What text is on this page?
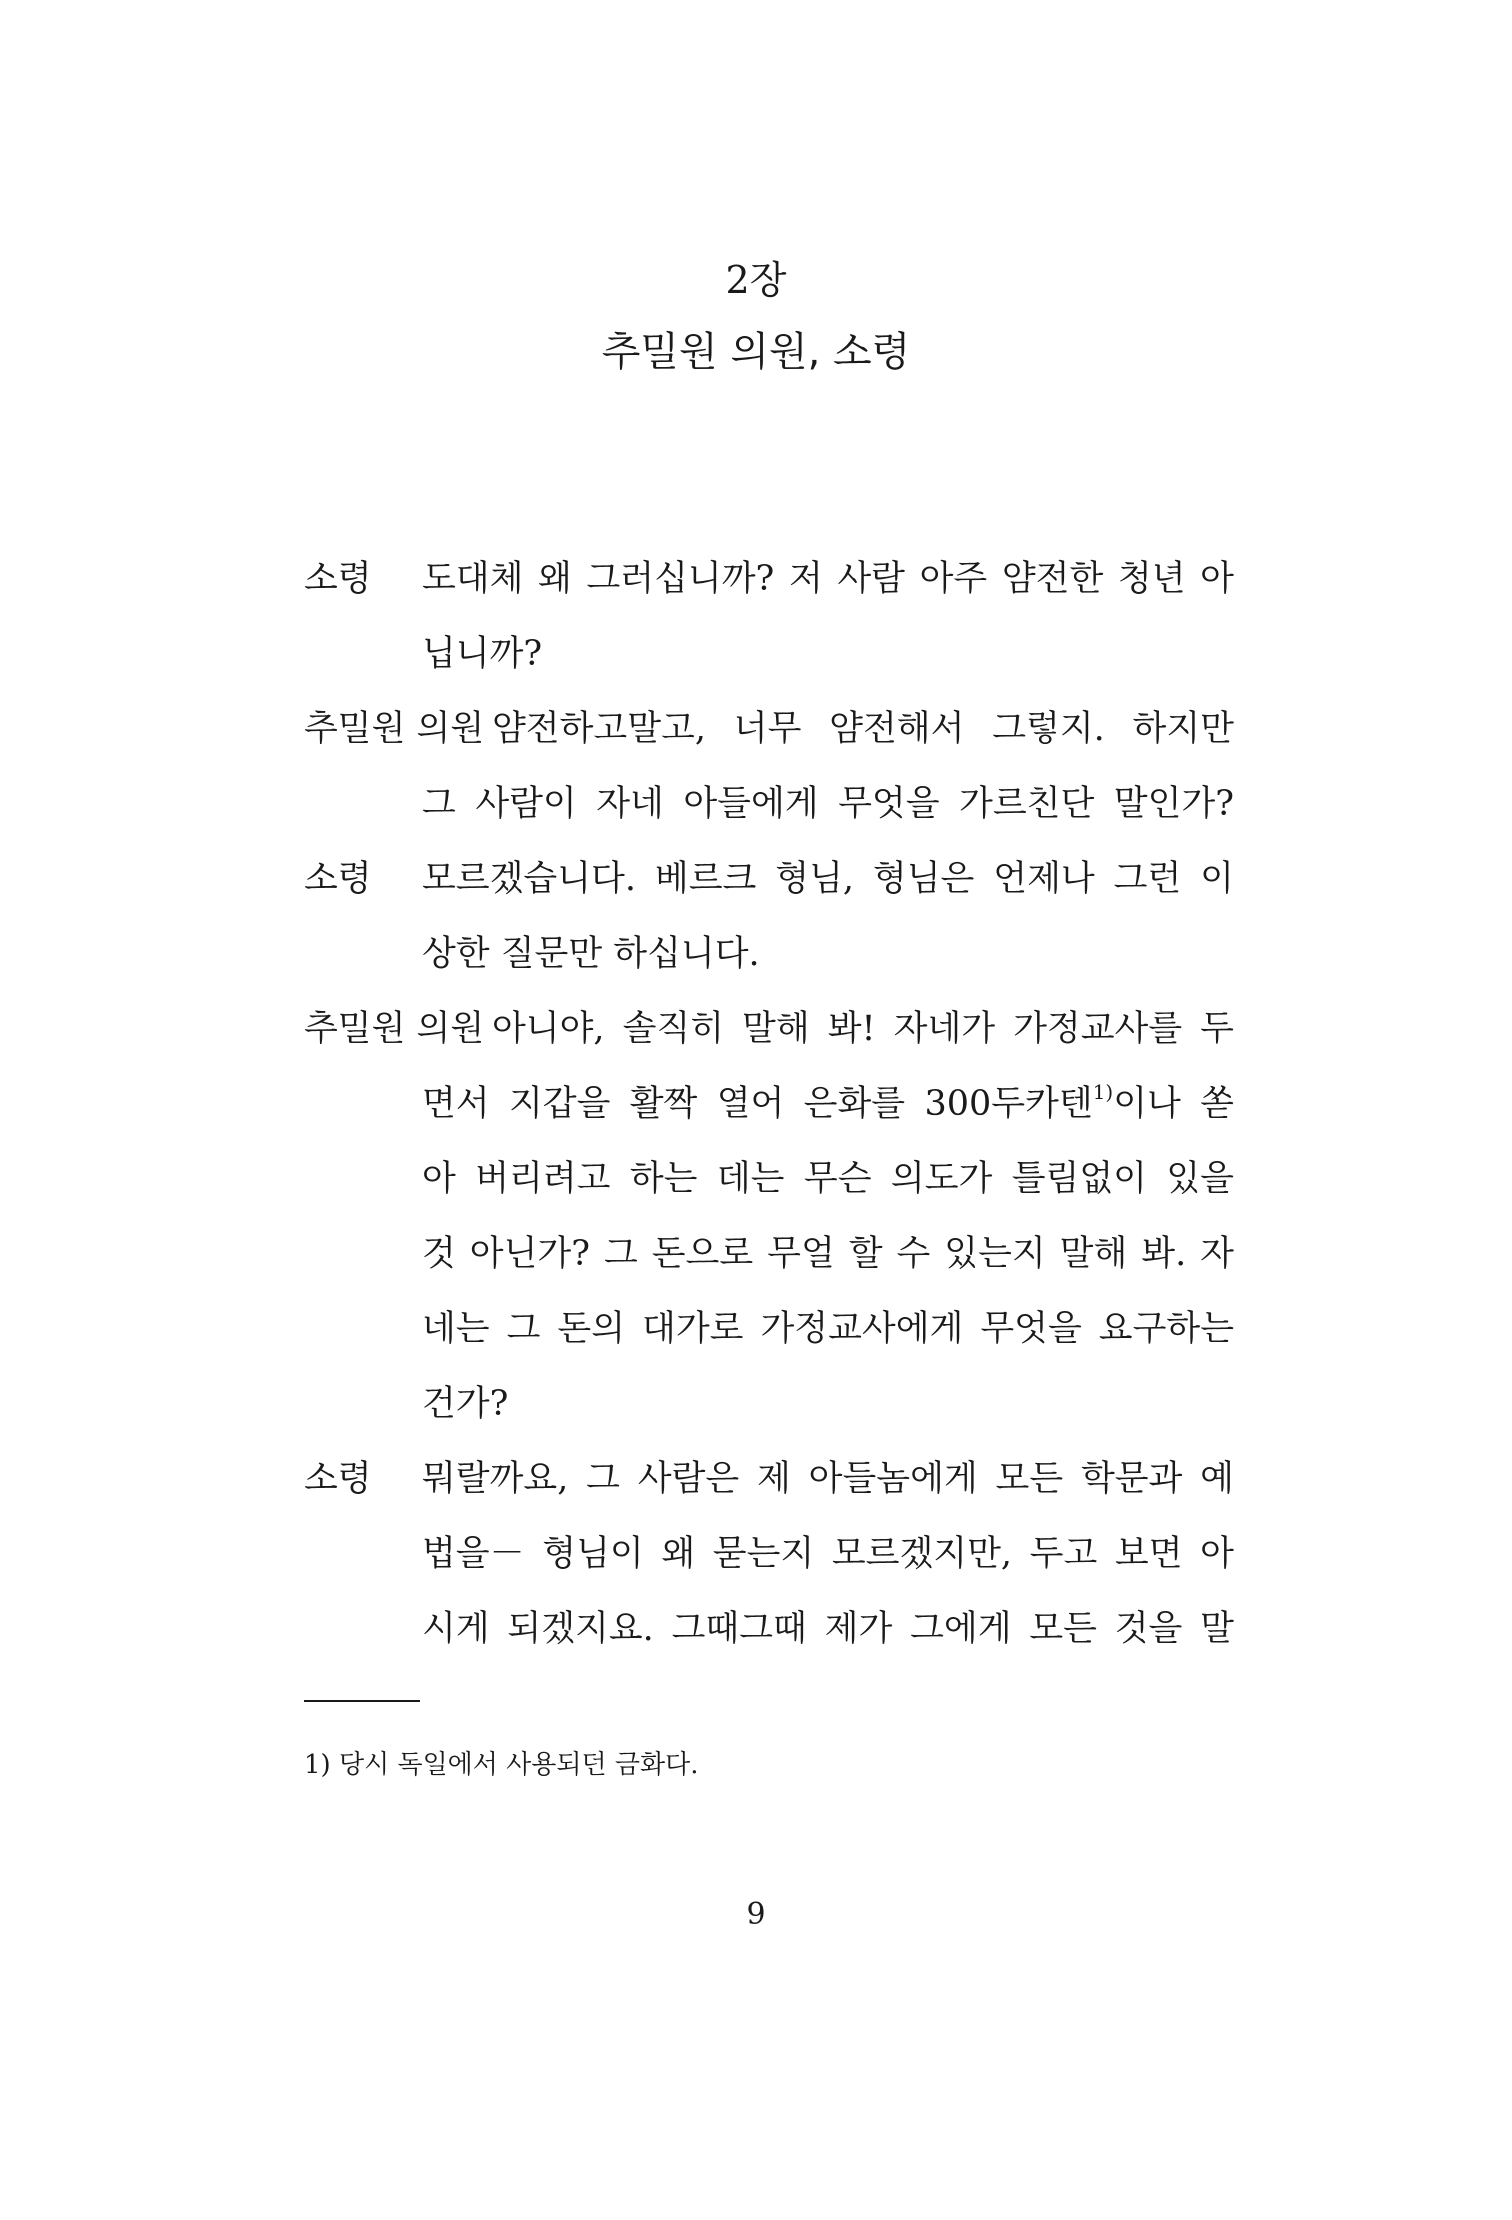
2장
추밀원 의원, 소령
소령 도대체 왜 그러십니까? 저 사람 아주 얌전한 청년 아
닙니까?
추밀원 의원 얌전하고말고, 너무 얌전해서 그렇지. 하지만
그 사람이 자네 아들에게 무엇을 가르친단 말인가?
소령 모르겠습니다. 베르크 형님, 형님은 언제나 그런 이
상한 질문만 하십니다.
추밀원 의원 아니야, 솔직히 말해 봐! 자네가 가정교사를 두
면서 지갑을 활짝 열어 은화를 300두카텐$^{1)}$이나 쏟
아 버리려고 하는 데는 무슨 의도가 틀림없이 있을
것 아닌가? 그 돈으로 무얼 할 수 있는지 말해 봐. 자
네는 그 돈의 대가로 가정교사에게 무엇을 요구하는
건가?
소령 뭐랄까요, 그 사람은 제 아들놈에게 모든 학문과 예
법을－ 형님이 왜 묻는지 모르겠지만, 두고 보면 아
시게 되겠지요. 그때그때 제가 그에게 모든 것을 말
1) 당시 독일에서 사용되던 금화다.
9
